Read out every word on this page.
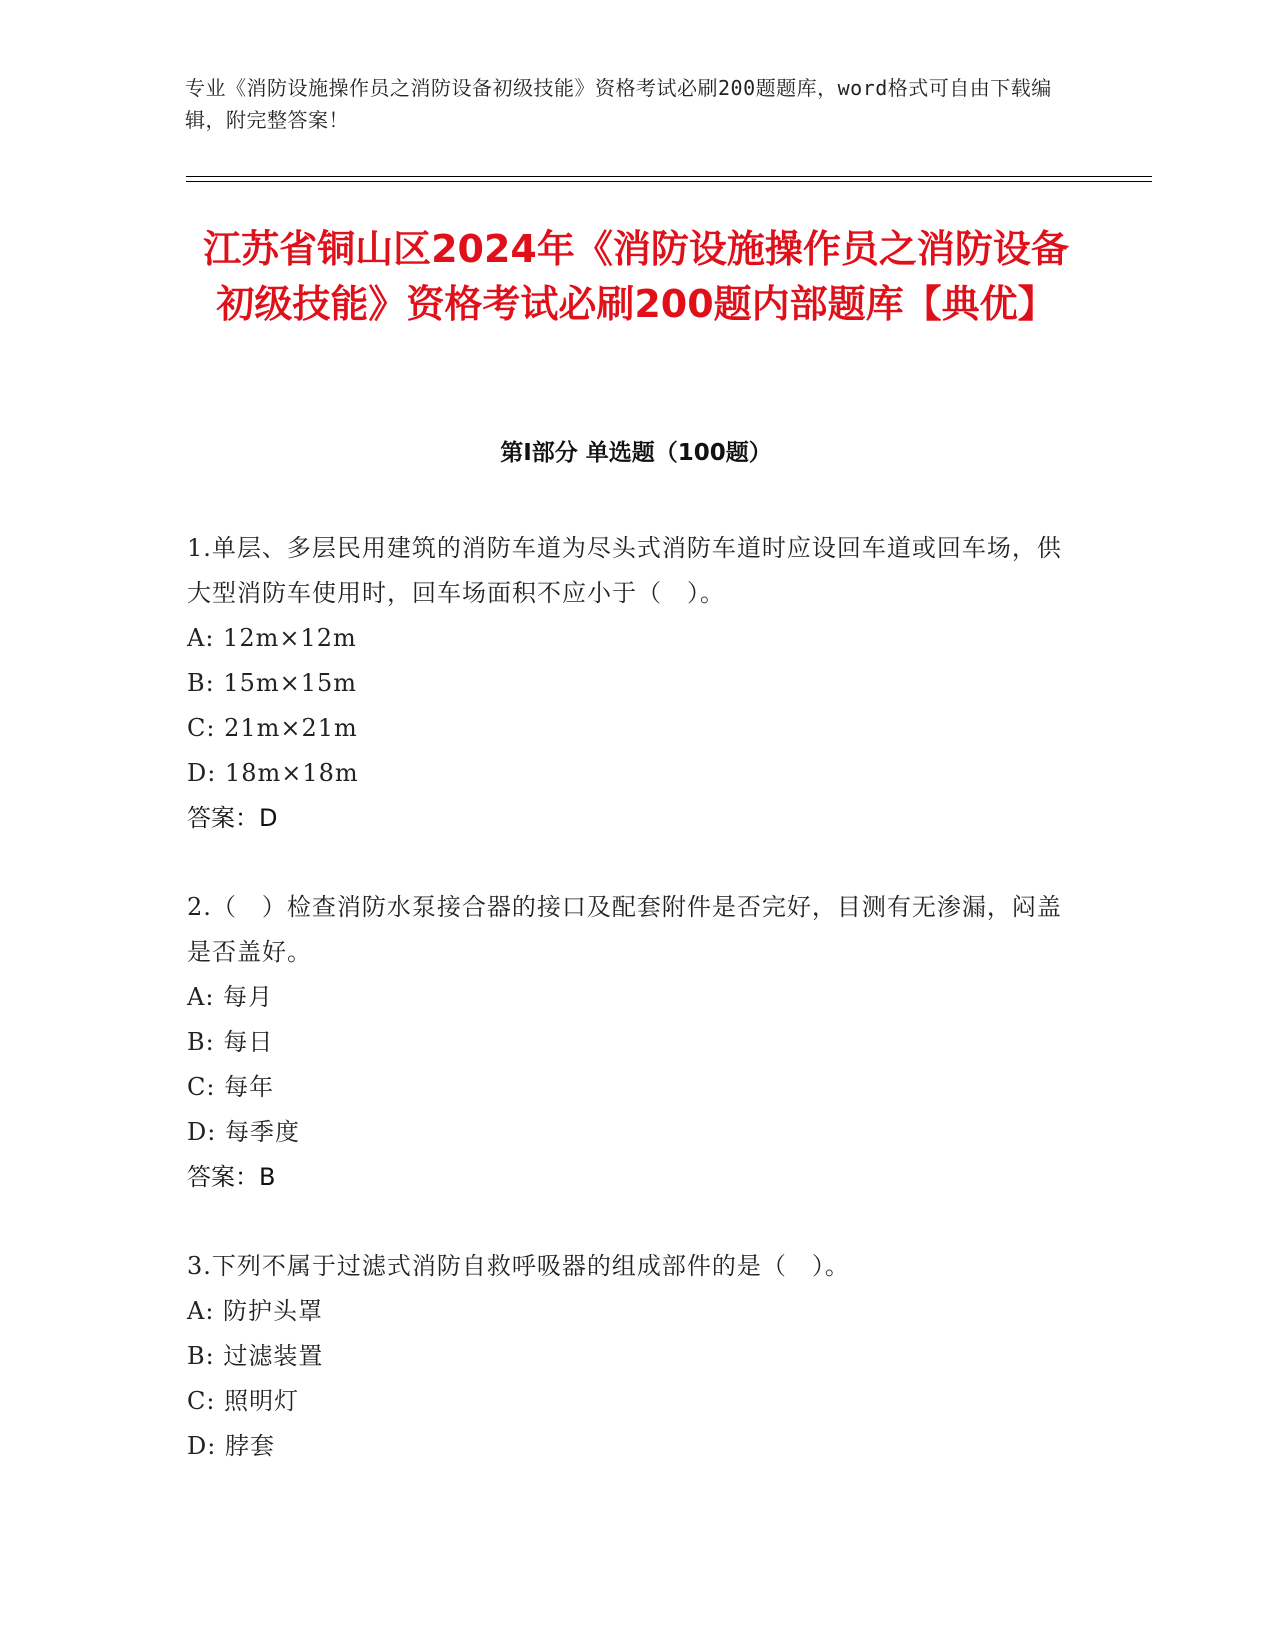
专业《消防设施操作员之消防设备初级技能》资格考试必刷200题题库，word格式可自由下载编辑，附完整答案！

江苏省铜山区2024年《消防设施操作员之消防设备初级技能》资格考试必刷200题内部题库【典优】
第I部分 单选题（100题）

1.单层、多层民用建筑的消防车道为尽头式消防车道时应设回车道或回车场，供大型消防车使用时，回车场面积不应小于（　）。

A: 12m×12m

B: 15m×15m

C: 21m×21m

D: 18m×18m

答案：D

2.（　）检查消防水泵接合器的接口及配套附件是否完好，目测有无渗漏，闷盖是否盖好。

A: 每月

B: 每日

C: 每年

D: 每季度

答案：B

3.下列不属于过滤式消防自救呼吸器的组成部件的是（　）。

A: 防护头罩

B: 过滤装置

C: 照明灯

D: 脖套
